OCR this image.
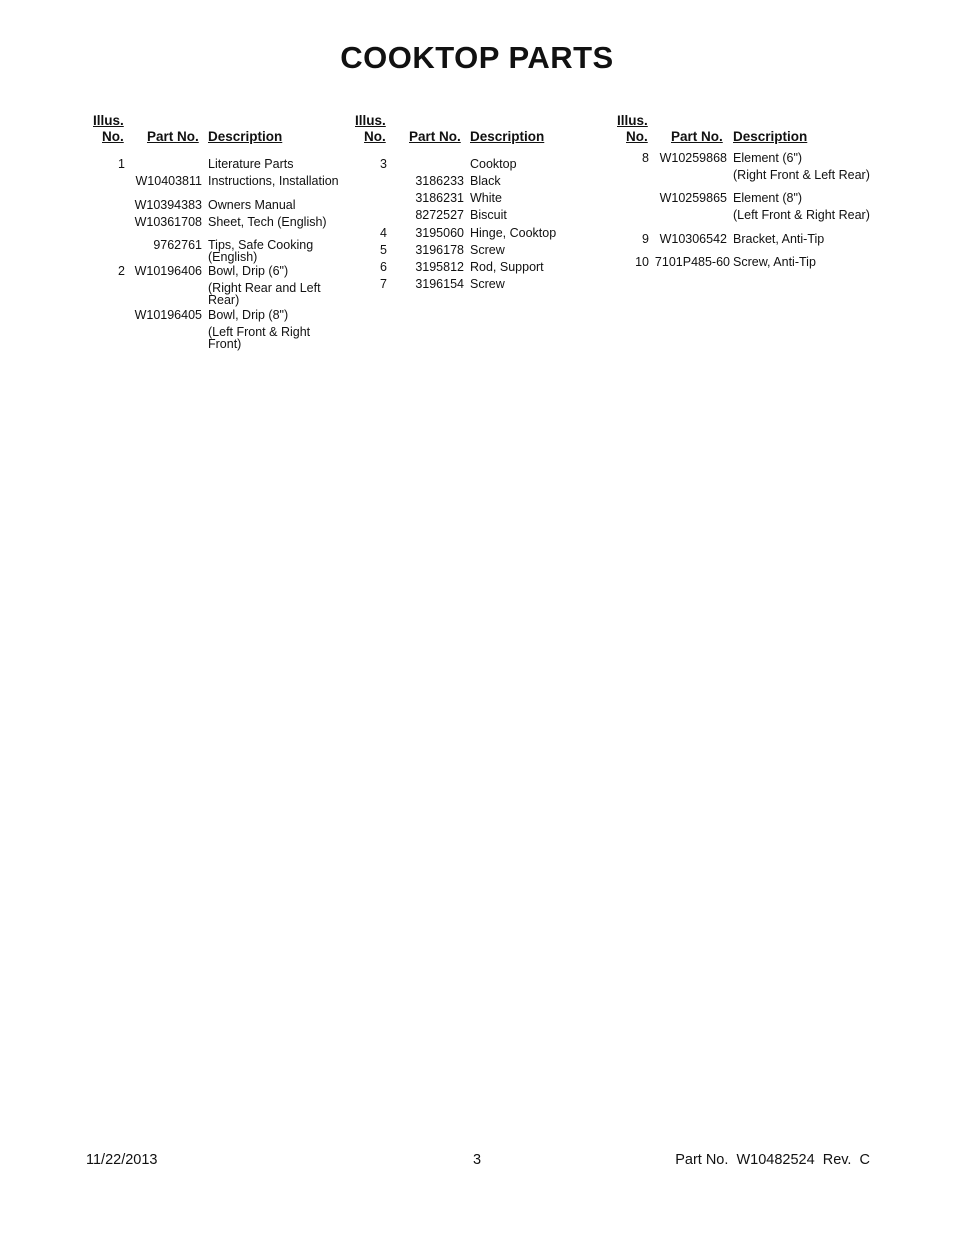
COOKTOP PARTS
Illus.
No. Part No. Description
1	Literature Parts
W10403811 Instructions, Installation
W10394383 Owners Manual
W10361708 Sheet, Tech (English)
9762761 Tips, Safe Cooking (English)
2 W10196406 Bowl, Drip (6")
(Right Rear and Left Rear)
W10196405 Bowl, Drip (8")
(Left Front & Right Front)
Illus.
No. Part No. Description
3	Cooktop
3186233 Black
3186231 White
8272527 Biscuit
4	3195060 Hinge, Cooktop
5	3196178 Screw
6	3195812 Rod, Support
7	3196154 Screw
Illus.
No. Part No. Description
8 W10259868 Element (6")
(Right Front & Left Rear)
W10259865 Element (8")
(Left Front & Right Rear)
9 W10306542 Bracket, Anti-Tip
10 7101P485-60 Screw, Anti-Tip
11/22/2013	3	Part No.  W10482524  Rev.  C
